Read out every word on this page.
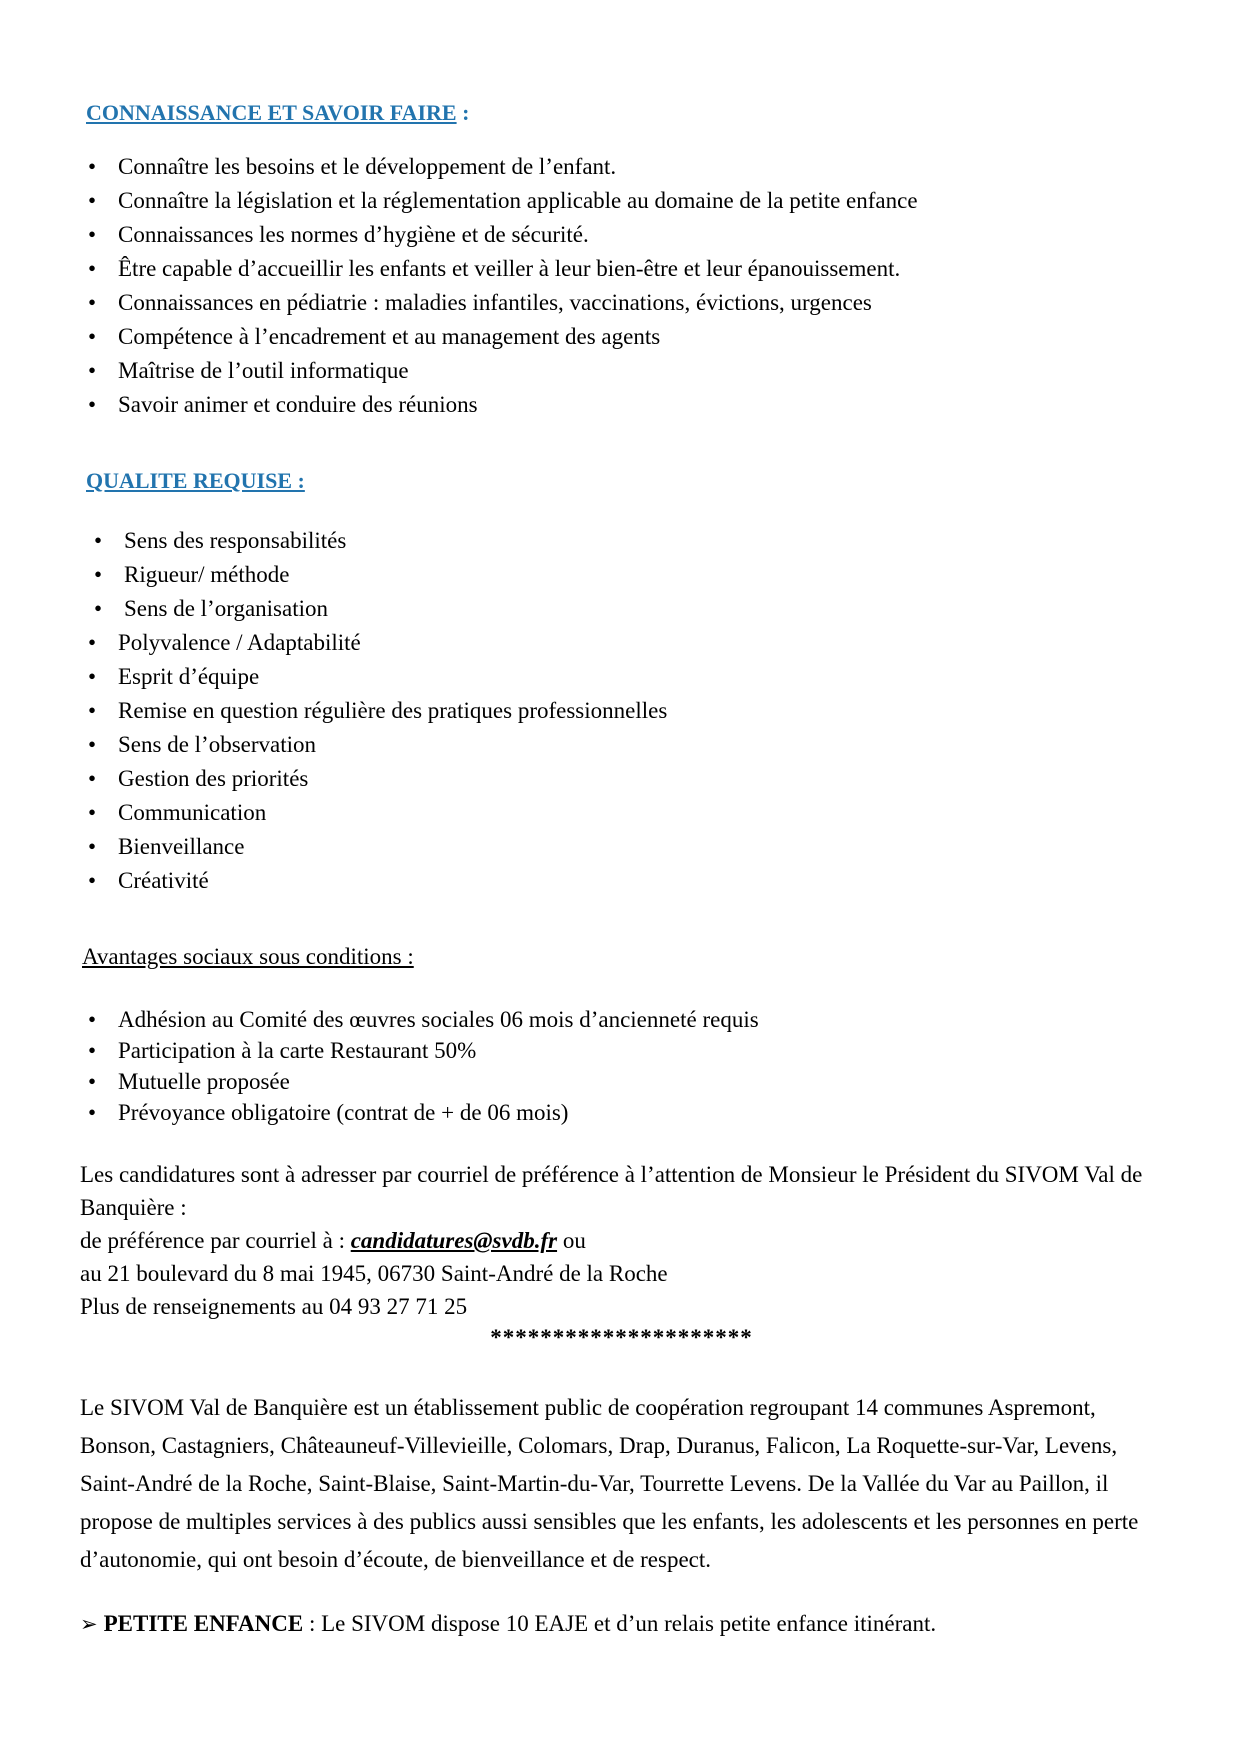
CONNAISSANCE ET SAVOIR FAIRE :
• Connaître les besoins et le développement de l’enfant.
• Connaître la législation et la réglementation applicable au domaine de la petite enfance
• Connaissances les normes d’hygiène et de sécurité.
• Être capable d’accueillir les enfants et veiller à leur bien-être et leur épanouissement.
• Connaissances en pédiatrie : maladies infantiles, vaccinations, évictions, urgences
• Compétence à l’encadrement et au management des agents
• Maîtrise de l’outil informatique
• Savoir animer et conduire des réunions
QUALITE REQUISE :
• Sens des responsabilités
• Rigueur/ méthode
• Sens de l’organisation
• Polyvalence / Adaptabilité
• Esprit d’équipe
• Remise en question régulière des pratiques professionnelles
• Sens de l’observation
• Gestion des priorités
• Communication
• Bienveillance
• Créativité

Avantages sociaux sous conditions :

• Adhésion au Comité des œuvres sociales 06 mois d’ancienneté requis
• Participation à la carte Restaurant 50%
• Mutuelle proposée
• Prévoyance obligatoire (contrat de + de 06 mois)

Les candidatures sont à adresser par courriel de préférence à l’attention de Monsieur le Président du SIVOM Val de Banquière :
de préférence par courriel à : candidatures@svdb.fr ou
au 21 boulevard du 8 mai 1945, 06730 Saint-André de la Roche
Plus de renseignements au 04 93 27 71 25

*********************

Le SIVOM Val de Banquière est un établissement public de coopération regroupant 14 communes Aspremont, Bonson, Castagniers, Châteauneuf-Villevieille, Colomars, Drap, Duranus, Falicon, La Roquette-sur-Var, Levens, Saint-André de la Roche, Saint-Blaise, Saint-Martin-du-Var, Tourrette Levens. De la Vallée du Var au Paillon, il propose de multiples services à des publics aussi sensibles que les enfants, les adolescents et les personnes en perte d’autonomie, qui ont besoin d’écoute, de bienveillance et de respect.

➢ PETITE ENFANCE : Le SIVOM dispose 10 EAJE et d’un relais petite enfance itinérant.
